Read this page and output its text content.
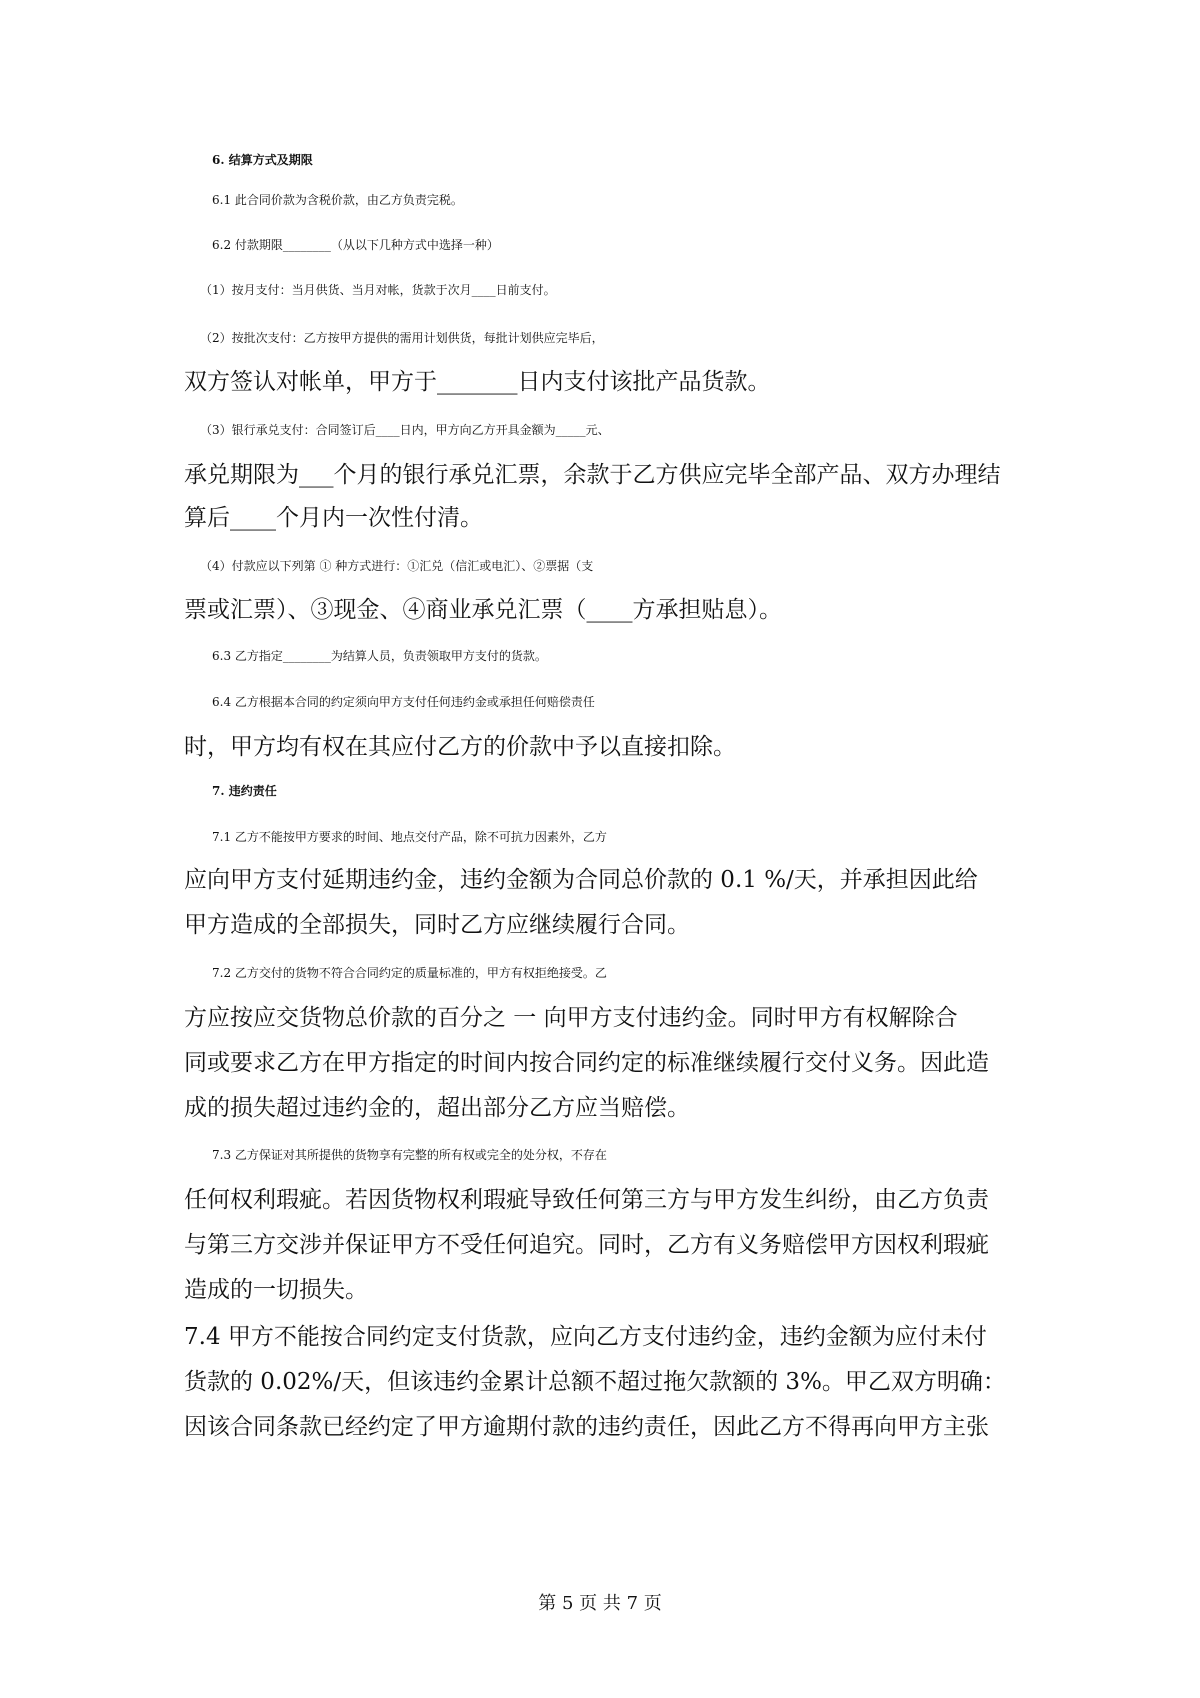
6. 结算方式及期限
6.1 此合同价款为含税价款，由乙方负责完税。
6.2 付款期限________（从以下几种方式中选择一种）
（1）按月支付：当月供货、当月对帐，货款于次月____日前支付。
（2）按批次支付：乙方按甲方提供的需用计划供货，每批计划供应完毕后，
双方签认对帐单，甲方于_______日内支付该批产品货款。
（3）银行承兑支付：合同签订后____日内，甲方向乙方开具金额为_____元、
承兑期限为___个月的银行承兑汇票，余款于乙方供应完毕全部产品、双方办理结
算后____个月内一次性付清。
（4）付款应以下列第 ① 种方式进行：①汇兑（信汇或电汇）、②票据（支
票或汇票）、③现金、④商业承兑汇票（____方承担贴息）。
6.3 乙方指定________为结算人员，负责领取甲方支付的货款。
6.4 乙方根据本合同的约定须向甲方支付任何违约金或承担任何赔偿责任
时，甲方均有权在其应付乙方的价款中予以直接扣除。
7. 违约责任
7.1 乙方不能按甲方要求的时间、地点交付产品，除不可抗力因素外，乙方
应向甲方支付延期违约金，违约金额为合同总价款的 0.1 %/天，并承担因此给
甲方造成的全部损失，同时乙方应继续履行合同。
7.2 乙方交付的货物不符合合同约定的质量标准的，甲方有权拒绝接受。乙
方应按应交货物总价款的百分之 一 向甲方支付违约金。同时甲方有权解除合
同或要求乙方在甲方指定的时间内按合同约定的标准继续履行交付义务。因此造
成的损失超过违约金的，超出部分乙方应当赔偿。
7.3 乙方保证对其所提供的货物享有完整的所有权或完全的处分权，不存在
任何权利瑕疵。若因货物权利瑕疵导致任何第三方与甲方发生纠纷，由乙方负责
与第三方交涉并保证甲方不受任何追究。同时，乙方有义务赔偿甲方因权利瑕疵
造成的一切损失。
7.4 甲方不能按合同约定支付货款，应向乙方支付违约金，违约金额为应付未付
货款的 0.02%/天，但该违约金累计总额不超过拖欠款额的 3%。甲乙双方明确：
因该合同条款已经约定了甲方逾期付款的违约责任，因此乙方不得再向甲方主张
第 5 页 共 7 页
